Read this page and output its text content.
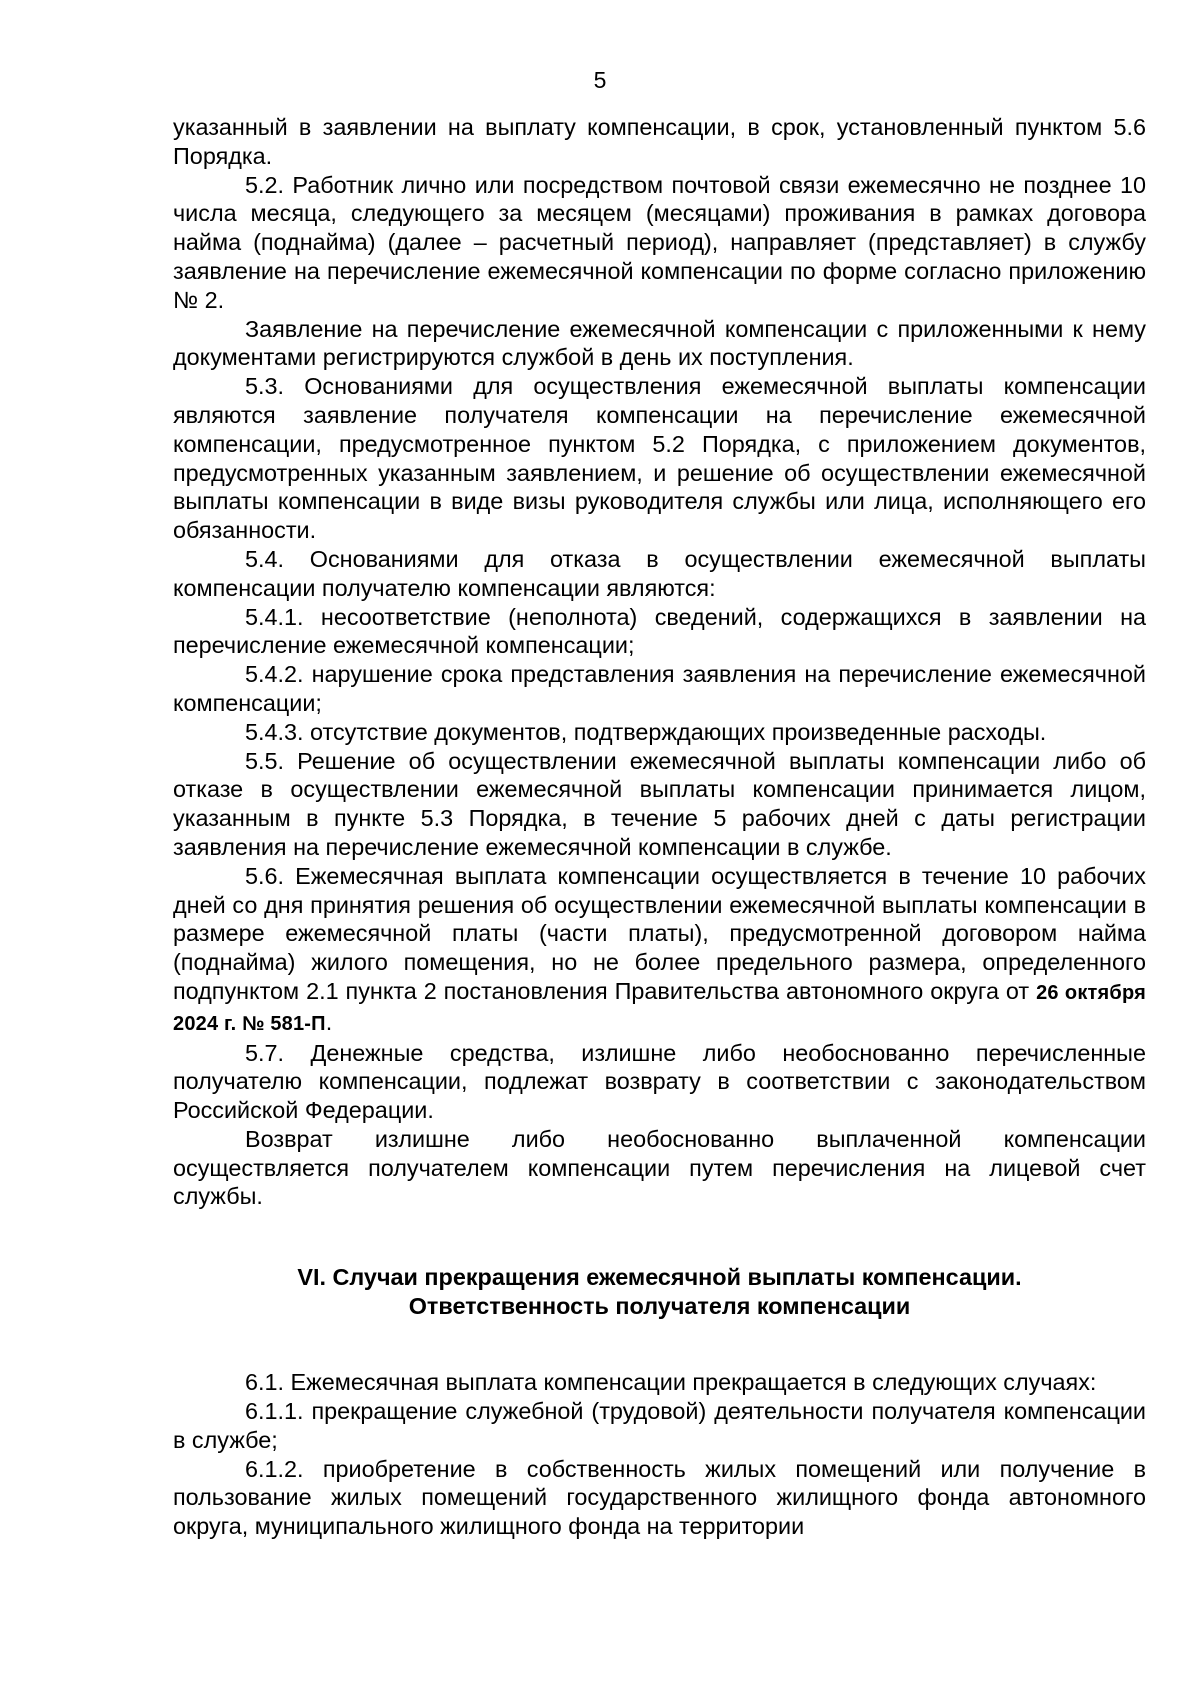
5

указанный в заявлении на выплату компенсации, в срок, установленный пунктом 5.6 Порядка.

5.2. Работник лично или посредством почтовой связи ежемесячно не позднее 10 числа месяца, следующего за месяцем (месяцами) проживания в рамках договора найма (поднайма) (далее – расчетный период), направляет (представляет) в службу заявление на перечисление ежемесячной компенсации по форме согласно приложению № 2.

Заявление на перечисление ежемесячной компенсации с приложенными к нему документами регистрируются службой в день их поступления.

5.3. Основаниями для осуществления ежемесячной выплаты компенсации являются заявление получателя компенсации на перечисление ежемесячной компенсации, предусмотренное пунктом 5.2 Порядка, с приложением документов, предусмотренных указанным заявлением, и решение об осуществлении ежемесячной выплаты компенсации в виде визы руководителя службы или лица, исполняющего его обязанности.

5.4. Основаниями для отказа в осуществлении ежемесячной выплаты компенсации получателю компенсации являются:

5.4.1. несоответствие (неполнота) сведений, содержащихся в заявлении на перечисление ежемесячной компенсации;

5.4.2. нарушение срока представления заявления на перечисление ежемесячной компенсации;

5.4.3. отсутствие документов, подтверждающих произведенные расходы.

5.5. Решение об осуществлении ежемесячной выплаты компенсации либо об отказе в осуществлении ежемесячной выплаты компенсации принимается лицом, указанным в пункте 5.3 Порядка, в течение 5 рабочих дней с даты регистрации заявления на перечисление ежемесячной компенсации в службе.

5.6. Ежемесячная выплата компенсации осуществляется в течение 10 рабочих дней со дня принятия решения об осуществлении ежемесячной выплаты компенсации в размере ежемесячной платы (части платы), предусмотренной договором найма (поднайма) жилого помещения, но не более предельного размера, определенного подпунктом 2.1 пункта 2 постановления Правительства автономного округа от 26 октября 2024 г. № 581-П.

5.7. Денежные средства, излишне либо необоснованно перечисленные получателю компенсации, подлежат возврату в соответствии с законодательством Российской Федерации.

Возврат излишне либо необоснованно выплаченной компенсации осуществляется получателем компенсации путем перечисления на лицевой счет службы.

VI. Случаи прекращения ежемесячной выплаты компенсации.
Ответственность получателя компенсации

6.1. Ежемесячная выплата компенсации прекращается в следующих случаях:

6.1.1. прекращение служебной (трудовой) деятельности получателя компенсации в службе;

6.1.2. приобретение в собственность жилых помещений или получение в пользование жилых помещений государственного жилищного фонда автономного округа, муниципального жилищного фонда на территории
